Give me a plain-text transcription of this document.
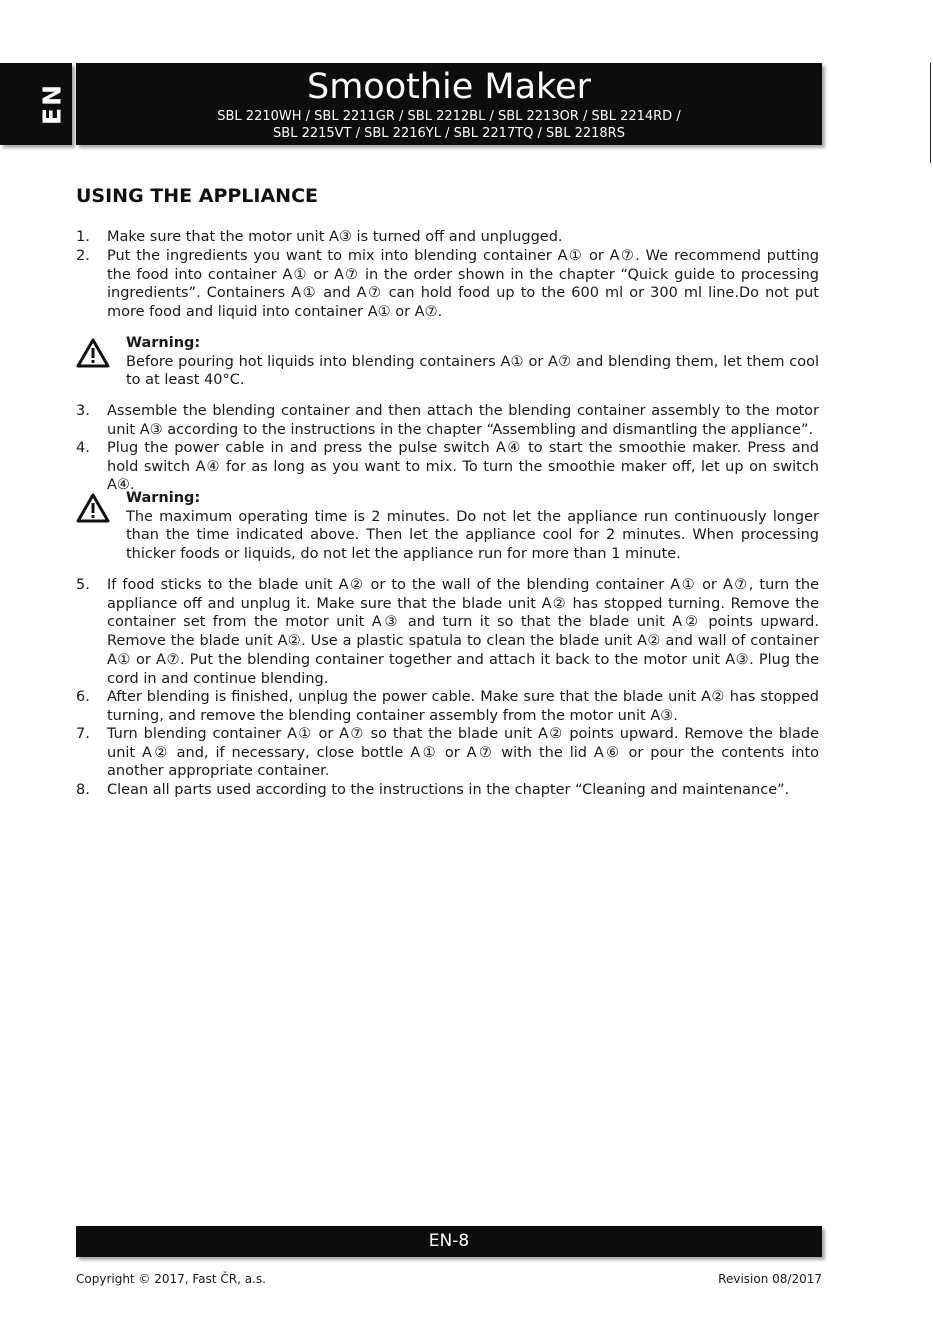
EN	Smoothie Maker
SBL 2210WH / SBL 2211GR / SBL 2212BL / SBL 2213OR / SBL 2214RD /
SBL 2215VT / SBL 2216YL / SBL 2217TQ / SBL 2218RS
USING THE APPLIANCE
1. Make sure that the motor unit A③ is turned off and unplugged.
2. Put the ingredients you want to mix into blending container A① or A⑦. We recommend putting the food into container A① or A⑦ in the order shown in the chapter “Quick guide to processing ingredients”. Containers A① and A⑦ can hold food up to the 600 ml or 300 ml line.Do not put more food and liquid into container A① or A⑦.
Warning:
Before pouring hot liquids into blending containers A① or A⑦ and blending them, let them cool to at least 40°C.
3. Assemble the blending container and then attach the blending container assembly to the motor unit A③ according to the instructions in the chapter “Assembling and dismantling the appliance”.
4. Plug the power cable in and press the pulse switch A④ to start the smoothie maker. Press and hold switch A④ for as long as you want to mix. To turn the smoothie maker off, let up on switch A④.
Warning:
The maximum operating time is 2 minutes. Do not let the appliance run continuously longer than the time indicated above. Then let the appliance cool for 2 minutes. When processing thicker foods or liquids, do not let the appliance run for more than 1 minute.
5. If food sticks to the blade unit A② or to the wall of the blending container A① or A⑦, turn the appliance off and unplug it. Make sure that the blade unit A② has stopped turning. Remove the container set from the motor unit A③ and turn it so that the blade unit A② points upward. Remove the blade unit A②. Use a plastic spatula to clean the blade unit A② and wall of container A① or A⑦. Put the blending container together and attach it back to the motor unit A③. Plug the cord in and continue blending.
6. After blending is finished, unplug the power cable. Make sure that the blade unit A② has stopped turning, and remove the blending container assembly from the motor unit A③.
7. Turn blending container A① or A⑦ so that the blade unit A② points upward. Remove the blade unit A② and, if necessary, close bottle A① or A⑦ with the lid A⑥ or pour the contents into another appropriate container.
8. Clean all parts used according to the instructions in the chapter “Cleaning and maintenance”.
EN-8
Copyright © 2017, Fast ČR, a.s.	Revision 08/2017
